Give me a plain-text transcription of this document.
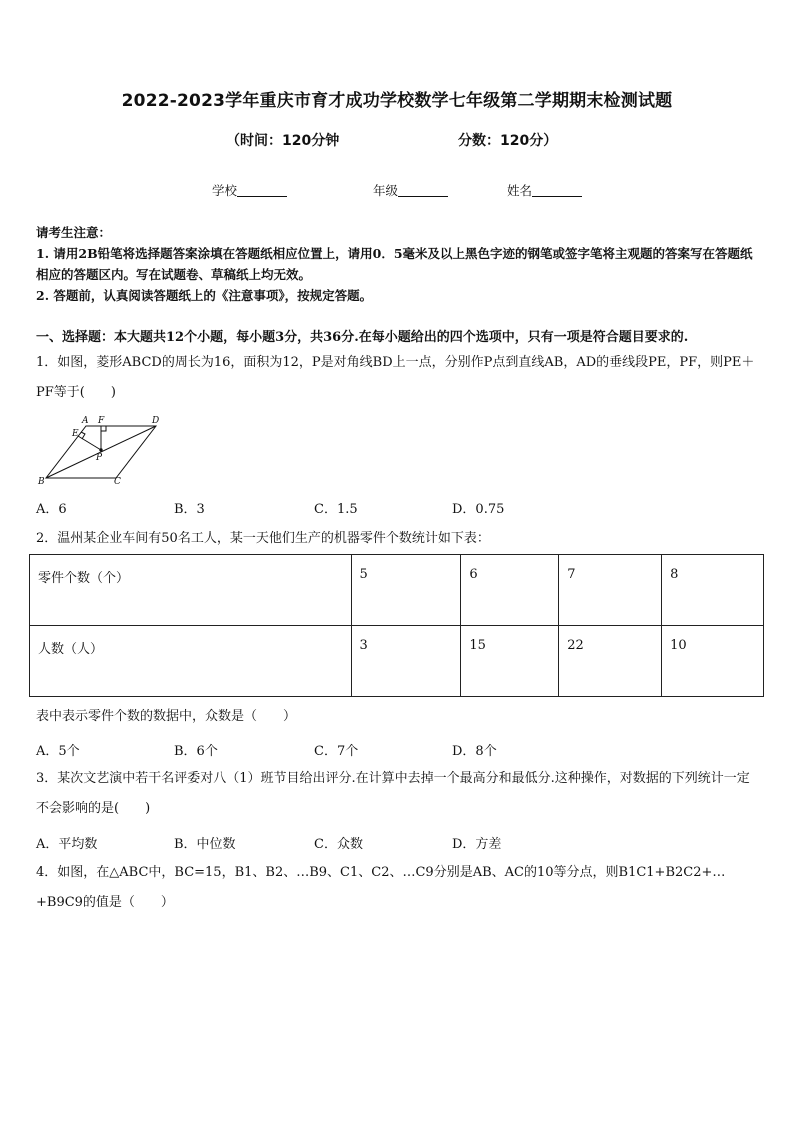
2022-2023学年重庆市育才成功学校数学七年级第二学期期末检测试题
（时间：120分钟	分数：120分）
学校	年级	姓名
请考生注意：
1. 请用2B铅笔将选择题答案涂填在答题纸相应位置上，请用0．5毫米及以上黑色字迹的钢笔或签字笔将主观题的答案写在答题纸相应的答题区内。写在试题卷、草稿纸上均无效。
2. 答题前，认真阅读答题纸上的《注意事项》，按规定答题。
一、选择题：本大题共12个小题，每小题3分，共36分.在每小题给出的四个选项中，只有一项是符合题目要求的.
1．如图，菱形ABCD的周长为16，面积为12，P是对角线BD上一点，分别作P点到直线AB，AD的垂线段PE，PF，则PE＋PF等于(　　)
A F	D
E
P
B	C
A．6	B．3	C．1.5	D．0.75
2．温州某企业车间有50名工人，某一天他们生产的机器零件个数统计如下表：
零件个数（个）	5	6	7	8
人数（人）	3	15	22	10
表中表示零件个数的数据中，众数是（　　）
A．5个	B．6个	C．7个	D．8个
3．某次文艺演中若干名评委对八（1）班节目给出评分.在计算中去掉一个最高分和最低分.这种操作，对数据的下列统计一定不会影响的是(　　)
A．平均数	B．中位数	C．众数	D．方差
4．如图，在△ABC中，BC=15，B1、B2、…B9、C1、C2、…C9分别是AB、AC的10等分点，则B1C1+B2C2+…+B9C9的值是（　　）
